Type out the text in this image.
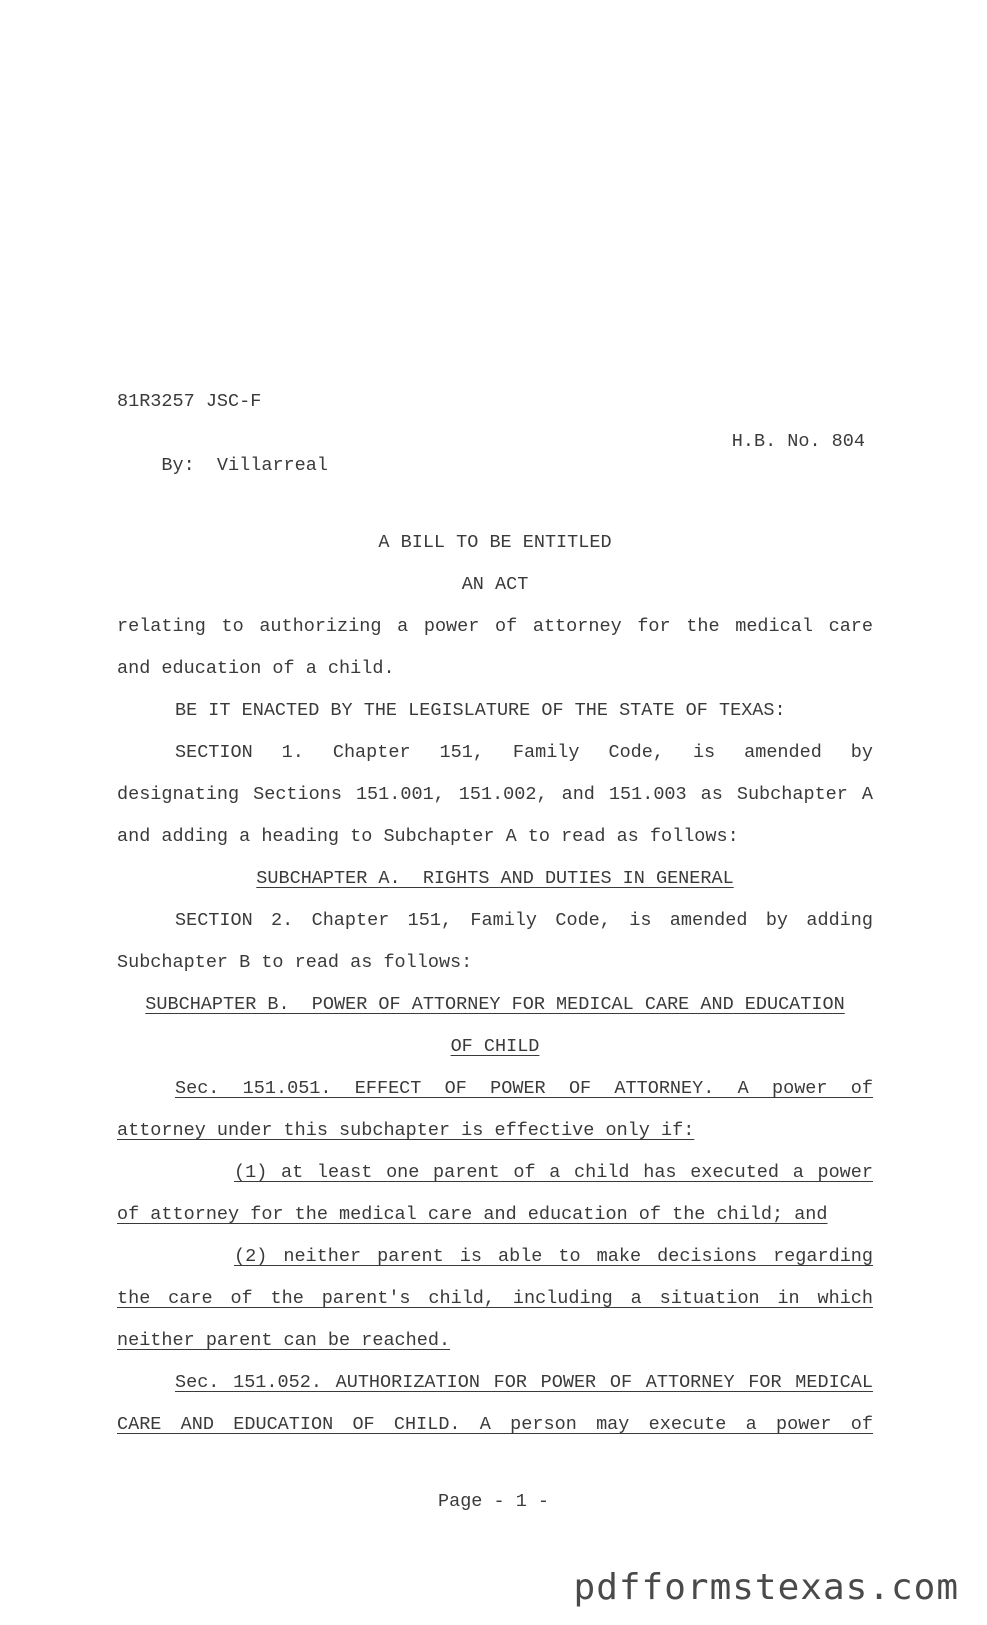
81R3257 JSC-F

By:  Villarreal

H.B. No. 804

A BILL TO BE ENTITLED
AN ACT
relating to authorizing a power of attorney for the medical care
and education of a child.
BE IT ENACTED BY THE LEGISLATURE OF THE STATE OF TEXAS:
SECTION 1. Chapter 151, Family Code, is amended by
designating Sections 151.001, 151.002, and 151.003 as Subchapter A
and adding a heading to Subchapter A to read as follows:
SUBCHAPTER A.  RIGHTS AND DUTIES IN GENERAL
SECTION 2. Chapter 151, Family Code, is amended by adding
Subchapter B to read as follows:
SUBCHAPTER B.  POWER OF ATTORNEY FOR MEDICAL CARE AND EDUCATION
OF CHILD
Sec. 151.051. EFFECT OF POWER OF ATTORNEY. A power of
attorney under this subchapter is effective only if:
(1) at least one parent of a child has executed a power
of attorney for the medical care and education of the child; and
(2) neither parent is able to make decisions regarding
the care of the parent's child, including a situation in which
neither parent can be reached.
Sec. 151.052. AUTHORIZATION FOR POWER OF ATTORNEY FOR MEDICAL
CARE AND EDUCATION OF CHILD. A person may execute a power of
Page - 1 -
pdfformstexas.com
